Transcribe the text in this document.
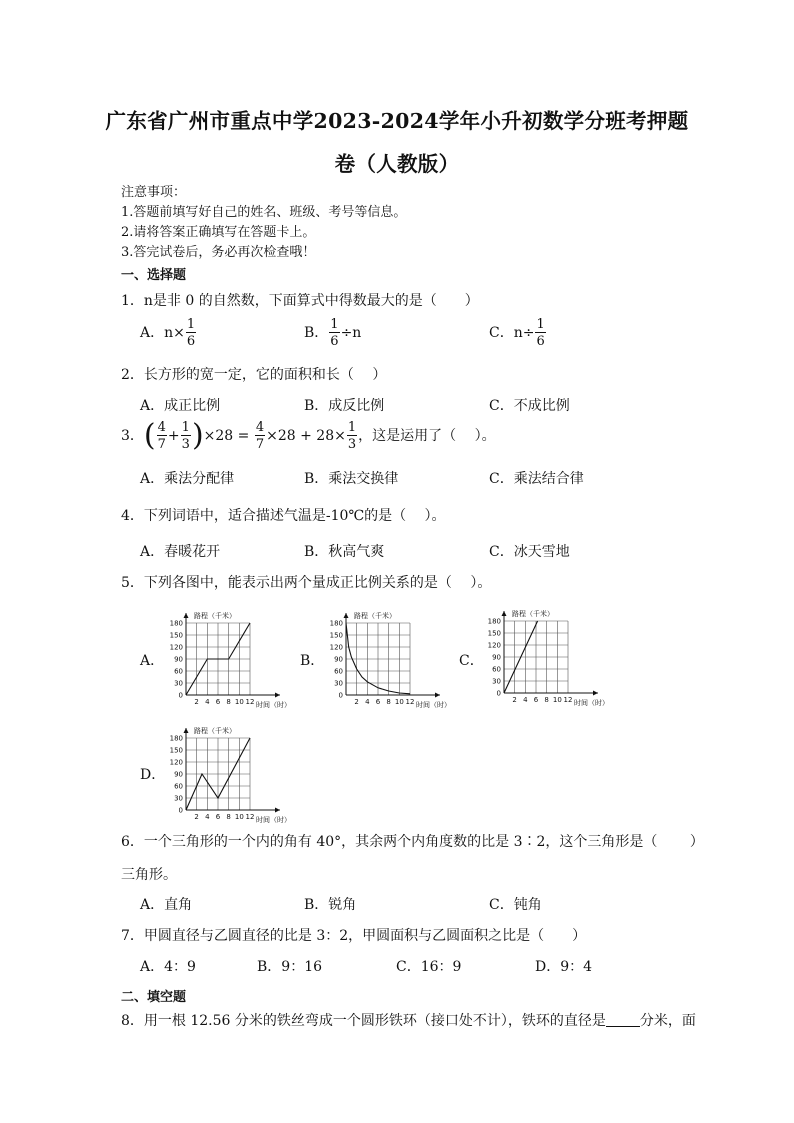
广东省广州市重点中学2023-2024学年小升初数学分班考押题
卷（人教版）
注意事项：
1.答题前填写好自己的姓名、班级、考号等信息。
2.请将答案正确填写在答题卡上。
3.答完试卷后，务必再次检查哦！
一、选择题
1．n是非 0 的自然数，下面算式中得数最大的是（　　）
A．$n\times \frac{1}{6}$	B． $\frac{1}{6} \div n$	C．$n\div \frac{1}{6}$
2．长方形的宽一定，它的面积和长（　 ）
A．成正比例	B．成反比例	C．不成比例
3．( $\frac{4}{7} + \frac{1}{3} )\times 28 = \frac{4}{7} \times 28 + 28\times \frac{1}{3}$ ，这是运用了（　 ）。
A．乘法分配律	B．乘法交换律	C．乘法结合律
4．下列词语中，适合描述气温是-10℃的是（　 ）。
A．春暖花开	B．秋高气爽	C．冰天雪地
5．下列各图中，能表示出两个量成正比例关系的是（　 ）。
A．	B．	C．
D．
180
150
120
90
60
30
0
2 4 6 8 10 12
路程（千米）
时间（时）
180
150
120
90
60
30
0
2 4 6 8 10 12
路程（千米）
时间（时）
180
150
120
90
60
30
0
2 4 6 8 10 12
路程（千米）
时间（时）
180
150
120
90
60
30
0
2 4 6 8 10 12
路程（千米）
时间（时）
6．一个三角形的一个内的角有 40°，其余两个内角度数的比是 3∶2，这个三角形是（　　 ）
三角形。
A．直角	B．锐角	C．钝角
7．甲圆直径与乙圆直径的比是 3：2，甲圆面积与乙圆面积之比是（　　）
A．4：9	B．9：16	C．16：9	D．9：4
二、填空题
8．用一根 12.56 分米的铁丝弯成一个圆形铁环（接口处不计），铁环的直径是 分米，面
